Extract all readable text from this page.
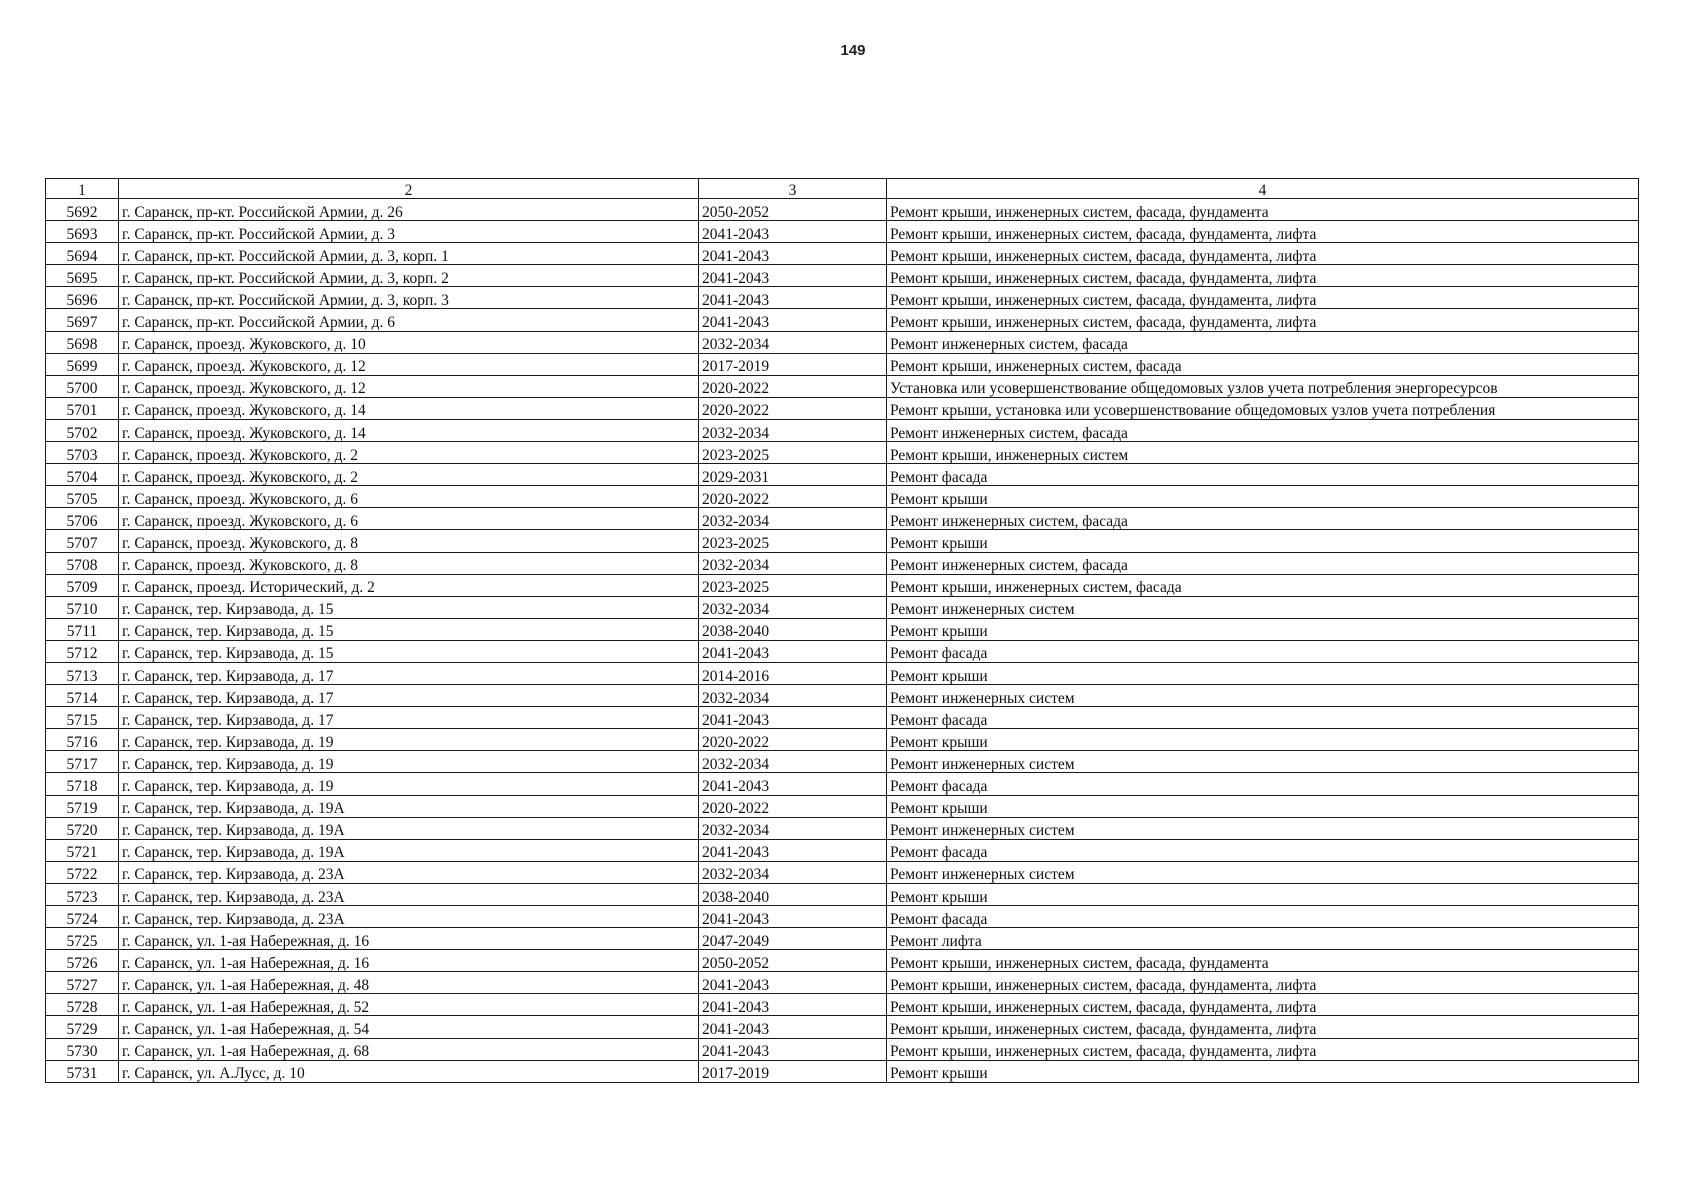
149
1	2	3	4
5692	г. Саранск, пр-кт. Российской Армии, д. 26	2050-2052	Ремонт крыши, инженерных систем, фасада, фундамента
5693	г. Саранск, пр-кт. Российской Армии, д. 3	2041-2043	Ремонт крыши, инженерных систем, фасада, фундамента, лифта
5694	г. Саранск, пр-кт. Российской Армии, д. 3, корп. 1	2041-2043	Ремонт крыши, инженерных систем, фасада, фундамента, лифта
5695	г. Саранск, пр-кт. Российской Армии, д. 3, корп. 2	2041-2043	Ремонт крыши, инженерных систем, фасада, фундамента, лифта
5696	г. Саранск, пр-кт. Российской Армии, д. 3, корп. 3	2041-2043	Ремонт крыши, инженерных систем, фасада, фундамента, лифта
5697	г. Саранск, пр-кт. Российской Армии, д. 6	2041-2043	Ремонт крыши, инженерных систем, фасада, фундамента, лифта
5698	г. Саранск, проезд. Жуковского, д. 10	2032-2034	Ремонт инженерных систем, фасада
5699	г. Саранск, проезд. Жуковского, д. 12	2017-2019	Ремонт крыши, инженерных систем, фасада
5700	г. Саранск, проезд. Жуковского, д. 12	2020-2022	Установка или усовершенствование общедомовых узлов учета потребления энергоресурсов
5701	г. Саранск, проезд. Жуковского, д. 14	2020-2022	Ремонт крыши, установка или усовершенствование общедомовых узлов учета потребления
5702	г. Саранск, проезд. Жуковского, д. 14	2032-2034	Ремонт инженерных систем, фасада
5703	г. Саранск, проезд. Жуковского, д. 2	2023-2025	Ремонт крыши, инженерных систем
5704	г. Саранск, проезд. Жуковского, д. 2	2029-2031	Ремонт фасада
5705	г. Саранск, проезд. Жуковского, д. 6	2020-2022	Ремонт крыши
5706	г. Саранск, проезд. Жуковского, д. 6	2032-2034	Ремонт инженерных систем, фасада
5707	г. Саранск, проезд. Жуковского, д. 8	2023-2025	Ремонт крыши
5708	г. Саранск, проезд. Жуковского, д. 8	2032-2034	Ремонт инженерных систем, фасада
5709	г. Саранск, проезд. Исторический, д. 2	2023-2025	Ремонт крыши, инженерных систем, фасада
5710	г. Саранск, тер. Кирзавода, д. 15	2032-2034	Ремонт инженерных систем
5711	г. Саранск, тер. Кирзавода, д. 15	2038-2040	Ремонт крыши
5712	г. Саранск, тер. Кирзавода, д. 15	2041-2043	Ремонт фасада
5713	г. Саранск, тер. Кирзавода, д. 17	2014-2016	Ремонт крыши
5714	г. Саранск, тер. Кирзавода, д. 17	2032-2034	Ремонт инженерных систем
5715	г. Саранск, тер. Кирзавода, д. 17	2041-2043	Ремонт фасада
5716	г. Саранск, тер. Кирзавода, д. 19	2020-2022	Ремонт крыши
5717	г. Саранск, тер. Кирзавода, д. 19	2032-2034	Ремонт инженерных систем
5718	г. Саранск, тер. Кирзавода, д. 19	2041-2043	Ремонт фасада
5719	г. Саранск, тер. Кирзавода, д. 19А	2020-2022	Ремонт крыши
5720	г. Саранск, тер. Кирзавода, д. 19А	2032-2034	Ремонт инженерных систем
5721	г. Саранск, тер. Кирзавода, д. 19А	2041-2043	Ремонт фасада
5722	г. Саранск, тер. Кирзавода, д. 23А	2032-2034	Ремонт инженерных систем
5723	г. Саранск, тер. Кирзавода, д. 23А	2038-2040	Ремонт крыши
5724	г. Саранск, тер. Кирзавода, д. 23А	2041-2043	Ремонт фасада
5725	г. Саранск, ул. 1-ая Набережная, д. 16	2047-2049	Ремонт лифта
5726	г. Саранск, ул. 1-ая Набережная, д. 16	2050-2052	Ремонт крыши, инженерных систем, фасада, фундамента
5727	г. Саранск, ул. 1-ая Набережная, д. 48	2041-2043	Ремонт крыши, инженерных систем, фасада, фундамента, лифта
5728	г. Саранск, ул. 1-ая Набережная, д. 52	2041-2043	Ремонт крыши, инженерных систем, фасада, фундамента, лифта
5729	г. Саранск, ул. 1-ая Набережная, д. 54	2041-2043	Ремонт крыши, инженерных систем, фасада, фундамента, лифта
5730	г. Саранск, ул. 1-ая Набережная, д. 68	2041-2043	Ремонт крыши, инженерных систем, фасада, фундамента, лифта
5731	г. Саранск, ул. А.Лусс, д. 10	2017-2019	Ремонт крыши
